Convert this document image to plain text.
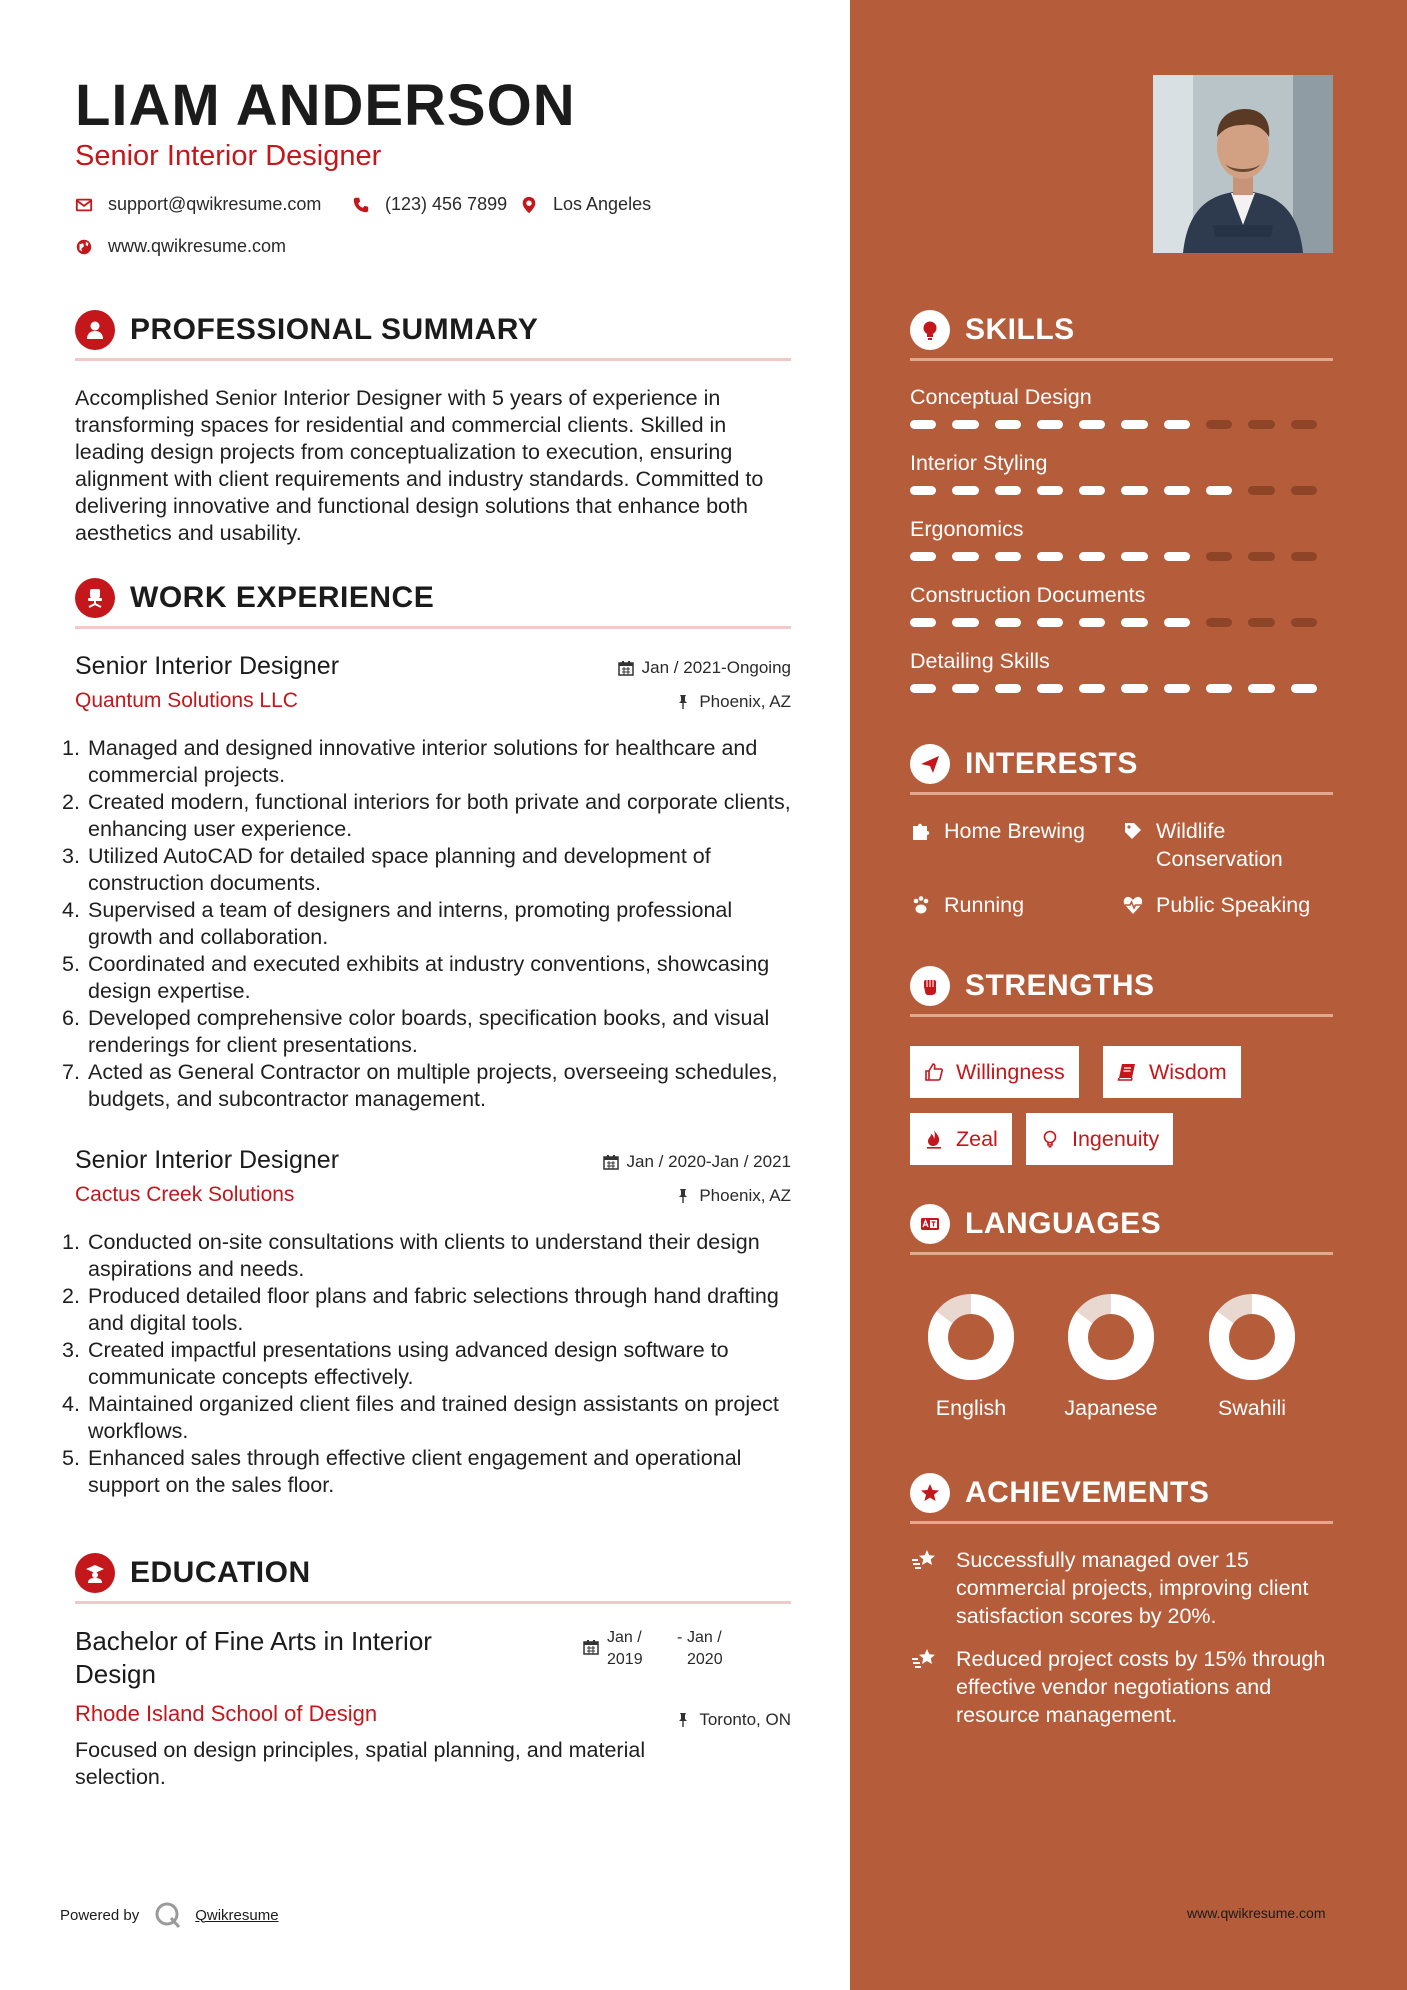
LIAM ANDERSON
Senior Interior Designer
support@qwikresume.com	(123) 456 7899	Los Angeles
www.qwikresume.com
PROFESSIONAL SUMMARY
Accomplished Senior Interior Designer with 5 years of experience in transforming spaces for residential and commercial clients. Skilled in leading design projects from conceptualization to execution, ensuring alignment with client requirements and industry standards. Committed to delivering innovative and functional design solutions that enhance both aesthetics and usability.
WORK EXPERIENCE
Senior Interior Designer
Quantum Solutions LLC
Jan / 2021-Ongoing
Phoenix, AZ
1. Managed and designed innovative interior solutions for healthcare and commercial projects.
2. Created modern, functional interiors for both private and corporate clients, enhancing user experience.
3. Utilized AutoCAD for detailed space planning and development of construction documents.
4. Supervised a team of designers and interns, promoting professional growth and collaboration.
5. Coordinated and executed exhibits at industry conventions, showcasing design expertise.
6. Developed comprehensive color boards, specification books, and visual renderings for client presentations.
7. Acted as General Contractor on multiple projects, overseeing schedules, budgets, and subcontractor management.
Senior Interior Designer
Cactus Creek Solutions
Jan / 2020-Jan / 2021
Phoenix, AZ
1. Conducted on-site consultations with clients to understand their design aspirations and needs.
2. Produced detailed floor plans and fabric selections through hand drafting and digital tools.
3. Created impactful presentations using advanced design software to communicate concepts effectively.
4. Maintained organized client files and trained design assistants on project workflows.
5. Enhanced sales through effective client engagement and operational support on the sales floor.
EDUCATION
Bachelor of Fine Arts in Interior Design
Rhode Island School of Design
Focused on design principles, spatial planning, and material selection.
Jan / 2019
- Jan / 2020
Toronto, ON
Powered by	Qwikresume
SKILLS
Conceptual Design
Interior Styling
Ergonomics
Construction Documents
Detailing Skills
INTERESTS
Home Brewing	Wildlife Conservation
Running	Public Speaking
STRENGTHS
Willingness	Wisdom
Zeal	Ingenuity
LANGUAGES
English	Japanese	Swahili
ACHIEVEMENTS
Successfully managed over 15 commercial projects, improving client satisfaction scores by 20%.
Reduced project costs by 15% through effective vendor negotiations and resource management.
www.qwikresume.com
